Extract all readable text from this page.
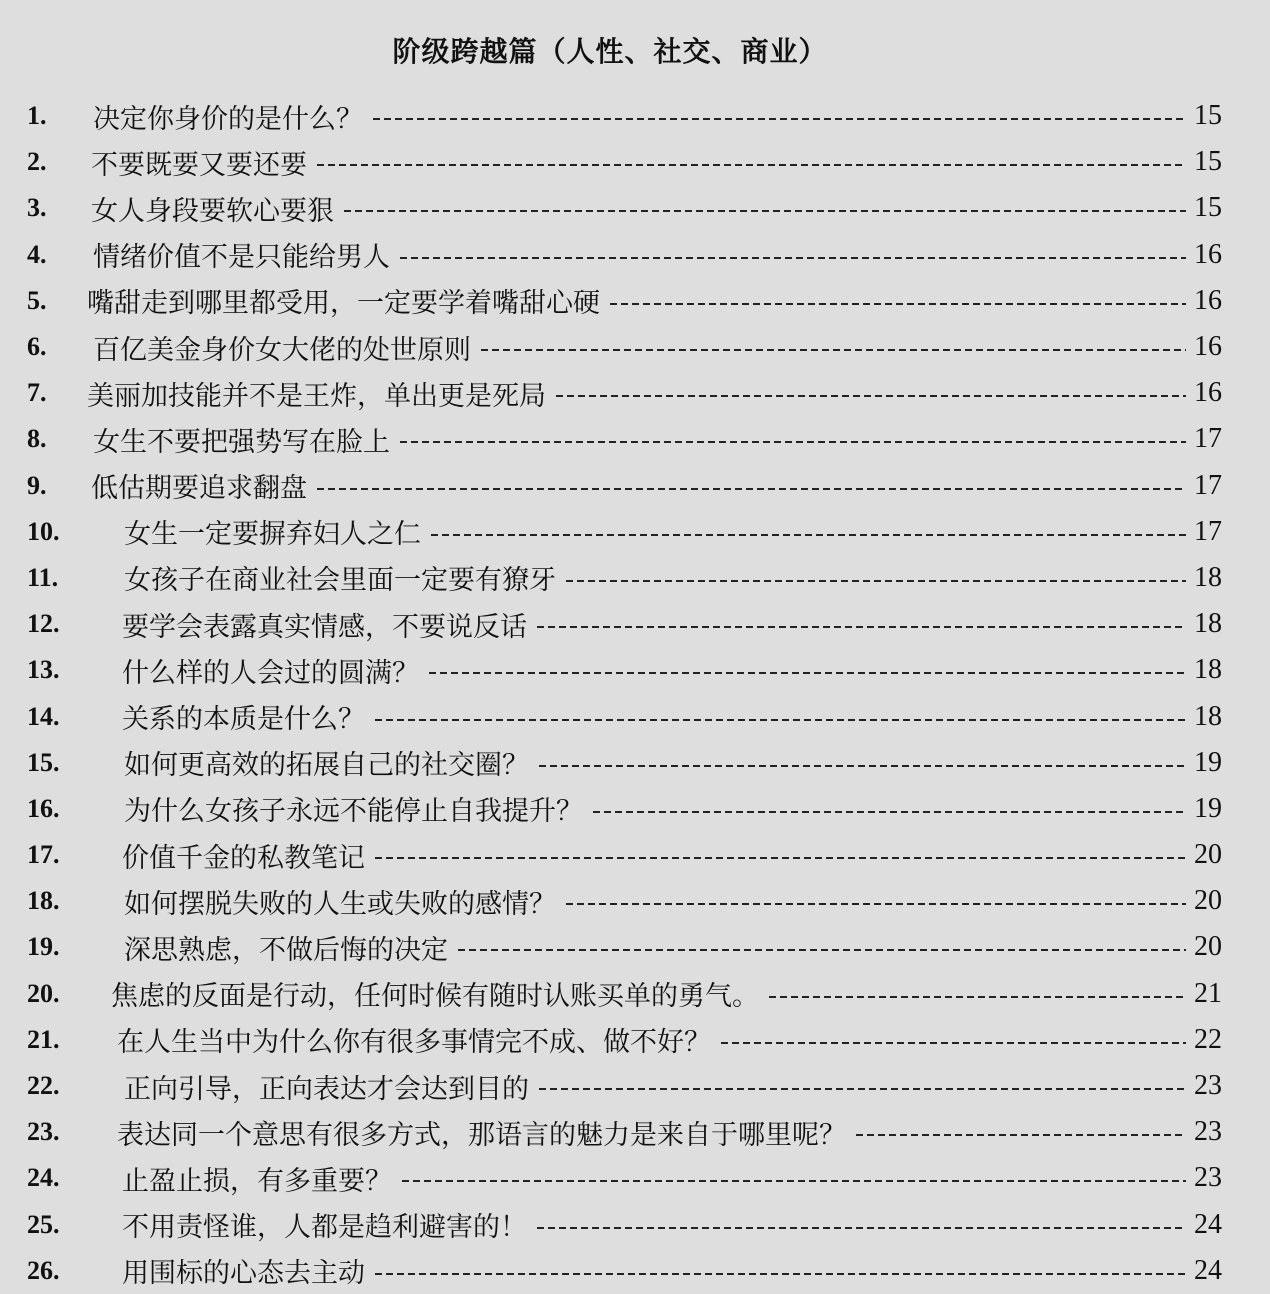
阶级跨越篇（人性、社交、商业）
1. 决定你身价的是什么？	15
2. 不要既要又要还要	15
3. 女人身段要软心要狠	15
4. 情绪价值不是只能给男人	16
5. 嘴甜走到哪里都受用，一定要学着嘴甜心硬	16
6. 百亿美金身价女大佬的处世原则	16
7. 美丽加技能并不是王炸，单出更是死局	16
8. 女生不要把强势写在脸上	17
9. 低估期要追求翻盘	17
10. 女生一定要摒弃妇人之仁	17
11. 女孩子在商业社会里面一定要有獠牙	18
12. 要学会表露真实情感，不要说反话	18
13. 什么样的人会过的圆满？	18
14. 关系的本质是什么？	18
15. 如何更高效的拓展自己的社交圈？	19
16. 为什么女孩子永远不能停止自我提升？	19
17. 价值千金的私教笔记	20
18. 如何摆脱失败的人生或失败的感情？	20
19. 深思熟虑，不做后悔的决定	20
20. 焦虑的反面是行动，任何时候有随时认账买单的勇气。	21
21. 在人生当中为什么你有很多事情完不成、做不好？	22
22. 正向引导，正向表达才会达到目的	23
23. 表达同一个意思有很多方式，那语言的魅力是来自于哪里呢？	23
24. 止盈止损，有多重要？	23
25. 不用责怪谁，人都是趋利避害的！	24
26. 用围标的心态去主动	24
